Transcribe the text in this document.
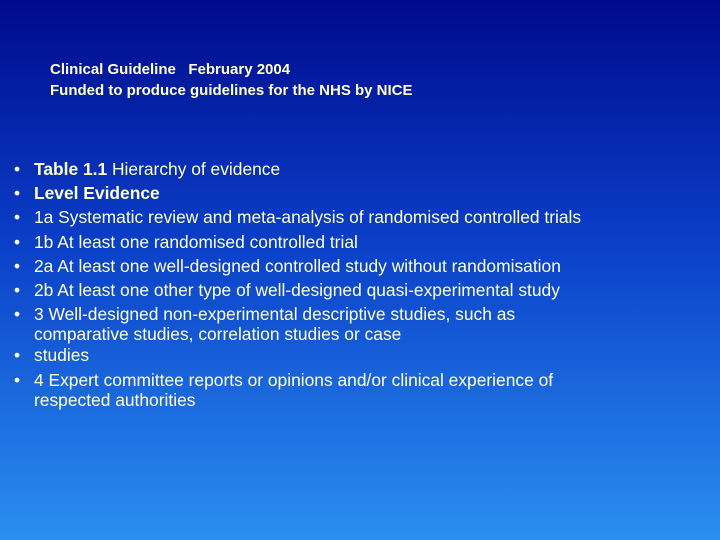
Clinical Guideline   February 2004
Funded to produce guidelines for the NHS by NICE
• Table 1.1 Hierarchy of evidence
• Level Evidence
• 1a Systematic review and meta-analysis of randomised controlled trials
• 1b At least one randomised controlled trial
• 2a At least one well-designed controlled study without randomisation
• 2b At least one other type of well-designed quasi-experimental study
• 3 Well-designed non-experimental descriptive studies, such as
comparative studies, correlation studies or case
• studies
• 4 Expert committee reports or opinions and/or clinical experience of
respected authorities
